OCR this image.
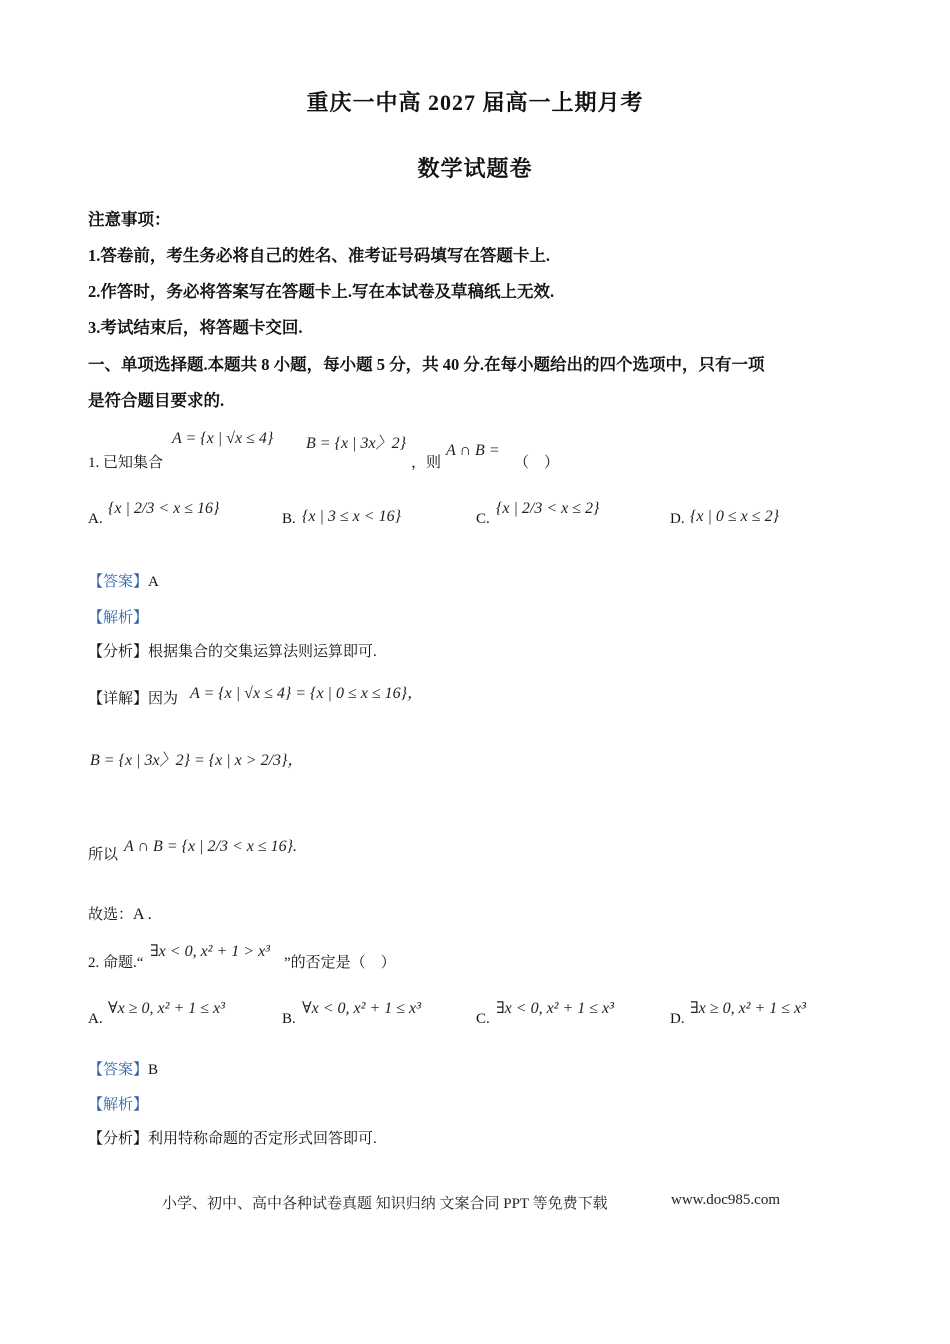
重庆一中高 2027 届高一上期月考
数学试题卷
注意事项：
1.答卷前，考生务必将自己的姓名、准考证号码填写在答题卡上.
2.作答时，务必将答案写在答题卡上.写在本试卷及草稿纸上无效.
3.考试结束后，将答题卡交回.
一、单项选择题.本题共 8 小题，每小题 5 分，共 40 分.在每小题给出的四个选项中，只有一项
是符合题目要求的.
1. 已知集合
A = {x | √x ≤ 4} B = {x | 3x〉2}
，则
A ∩ B =
（　）
A.
{x | 2/3 < x ≤ 16}
B. {x | 3 ≤ x < 16}	C.
{x | 2/3 < x ≤ 2}
D. {x | 0 ≤ x ≤ 2}
【答案】A
【解析】
【分析】根据集合的交集运算法则运算即可.
【详解】因为 A = {x | √x ≤ 4} = {x | 0 ≤ x ≤ 16}，
B = {x | 3x〉2} = {x | x > 2/3}，
所以 A ∩ B = {x | 2/3 < x ≤ 16}.
故选：A .
2. 命题.“
∃x < 0, x² + 1 > x³
”的否定是（　）
A.
∀x ≥ 0, x² + 1 ≤ x³
B.
∀x < 0, x² + 1 ≤ x³
C.
∃x < 0, x² + 1 ≤ x³
D.
∃x ≥ 0, x² + 1 ≤ x³
【答案】B
【解析】
【分析】利用特称命题的否定形式回答即可.
小学、初中、高中各种试卷真题 知识归纳 文案合同 PPT 等免费下载	www.doc985.com
